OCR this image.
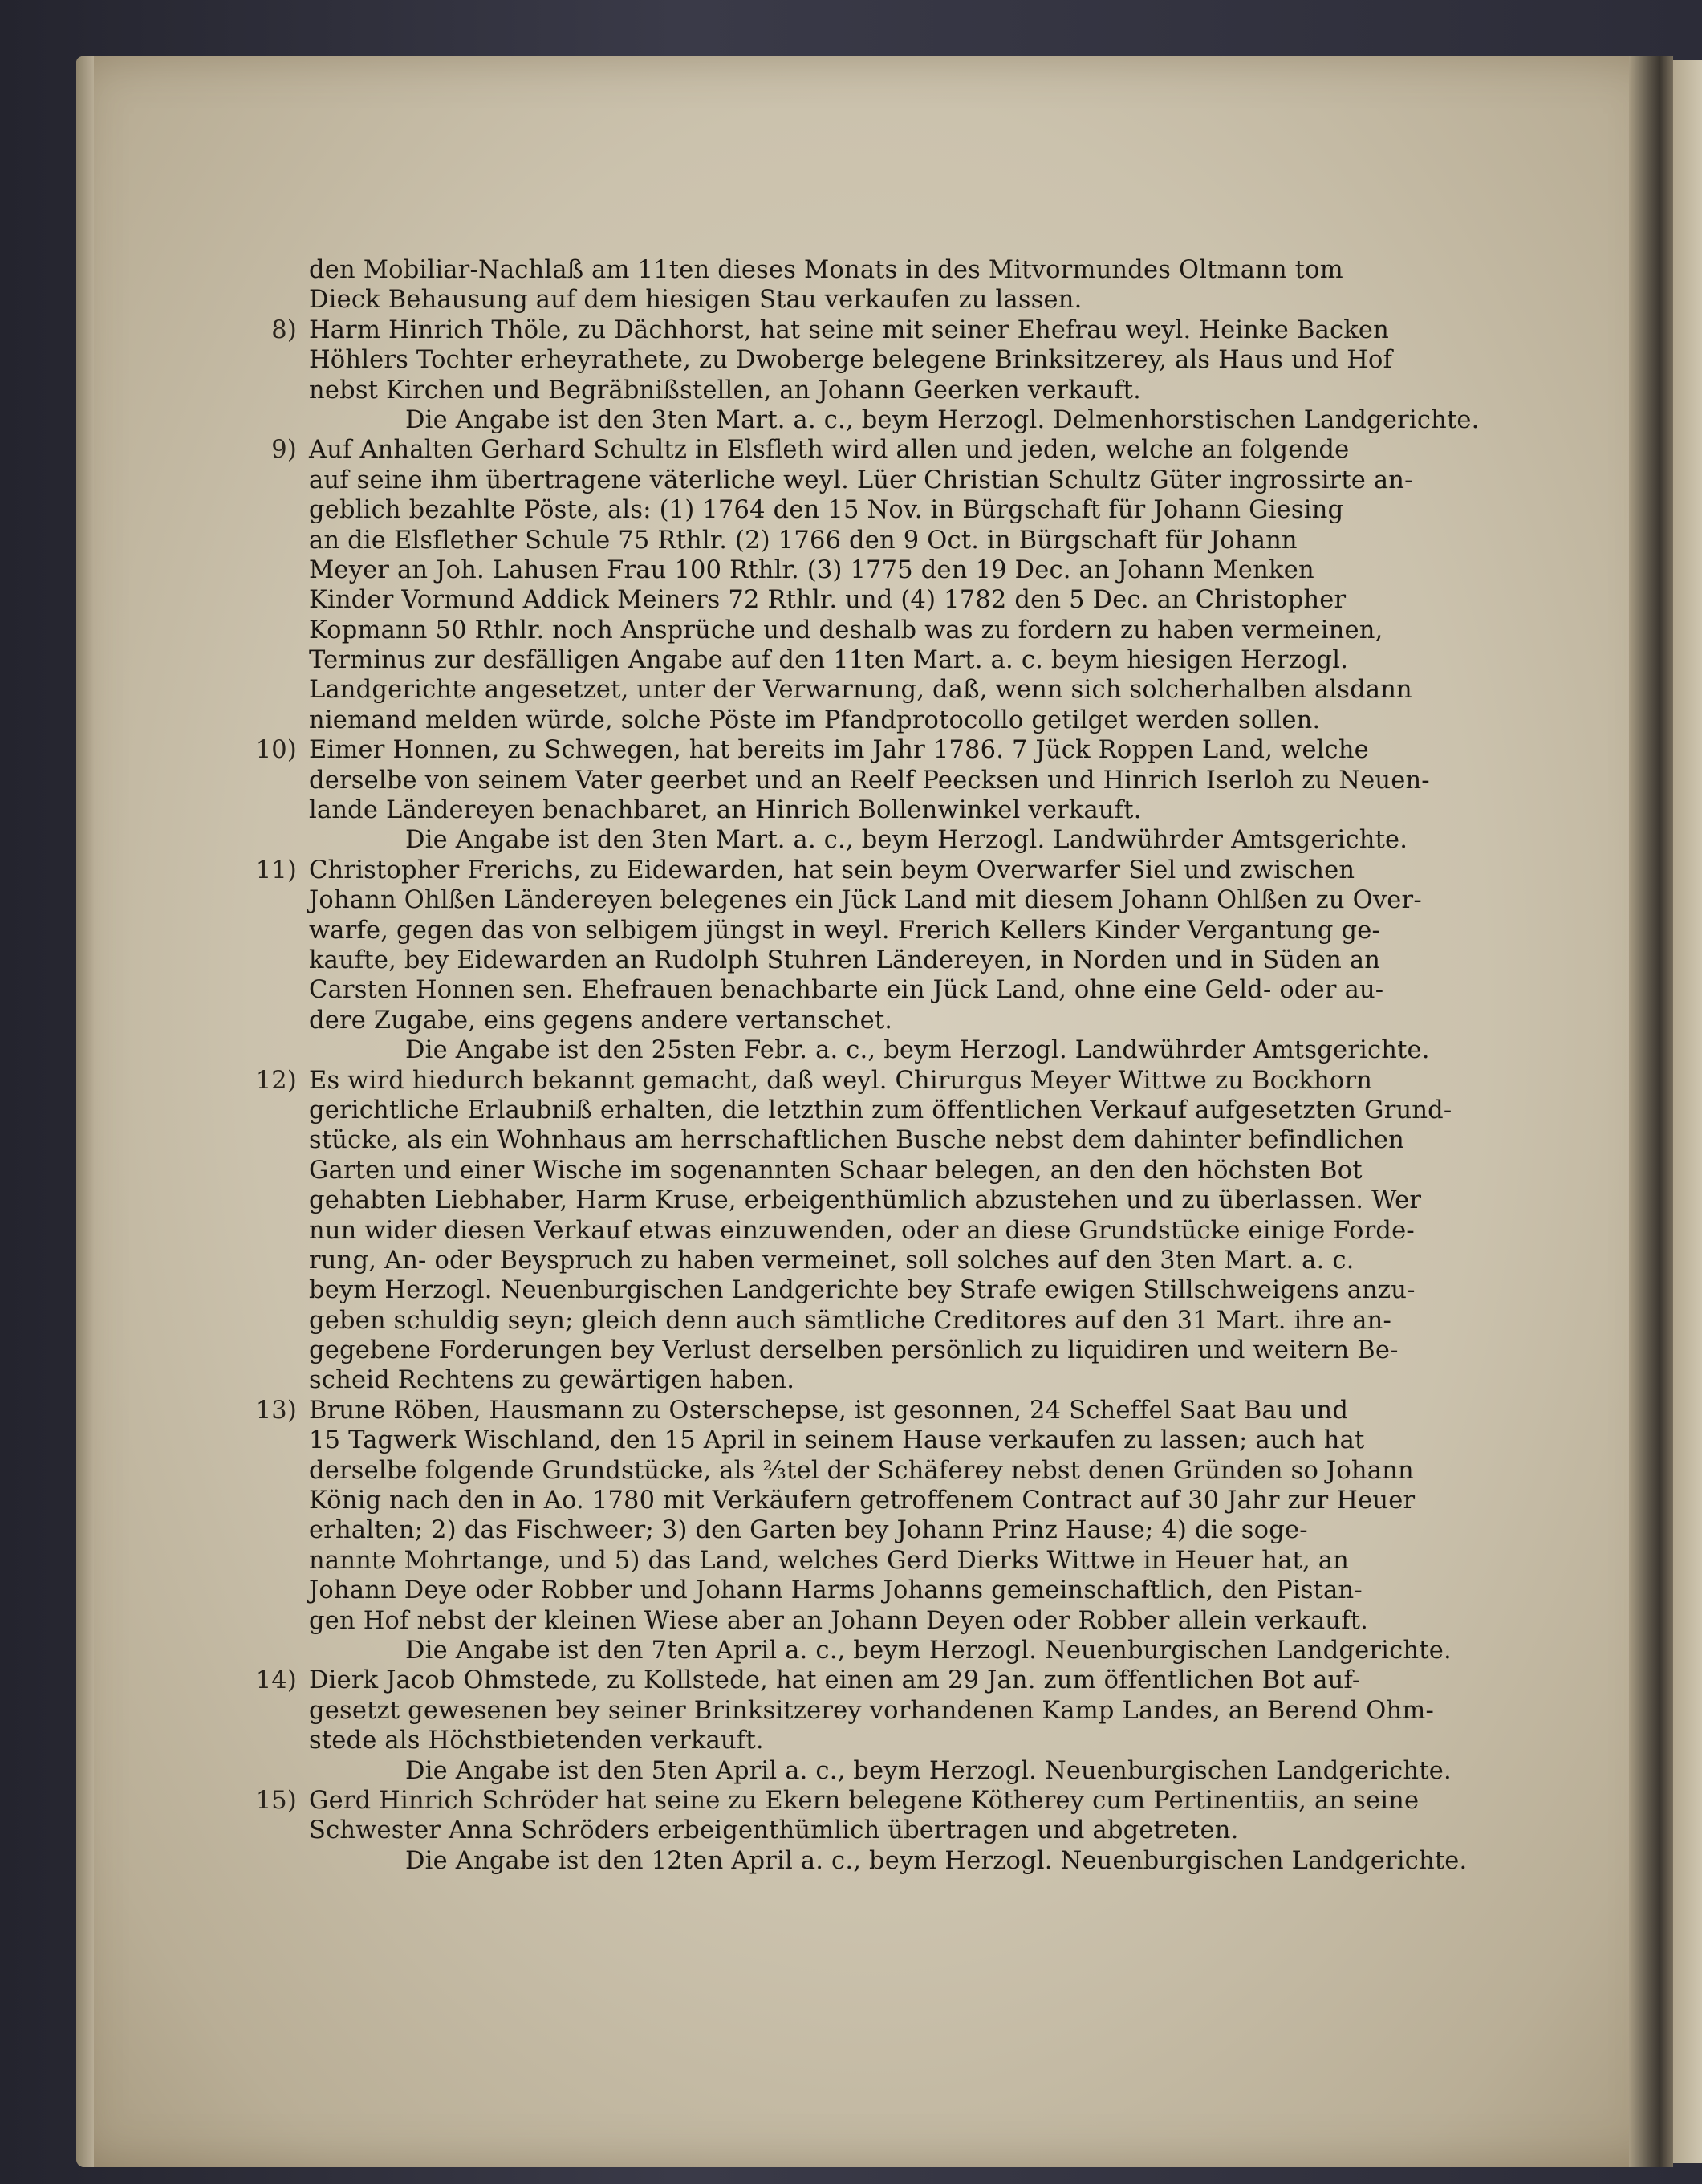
den Mobiliar-Nachlaß am 11ten dieses Monats in des Mitvormundes Oltmann tom
Dieck Behausung auf dem hiesigen Stau verkaufen zu lassen.
8) Harm Hinrich Thöle, zu Dächhorst, hat seine mit seiner Ehefrau weyl. Heinke Backen
Höhlers Tochter erheyrathete, zu Dwoberge belegene Brinksitzerey, als Haus und Hof
nebst Kirchen und Begräbnißstellen, an Johann Geerken verkauft.
Die Angabe ist den 3ten Mart. a. c., beym Herzogl. Delmenhorstischen Landgerichte.
9) Auf Anhalten Gerhard Schultz in Elsfleth wird allen und jeden, welche an folgende
auf seine ihm übertragene väterliche weyl. Lüer Christian Schultz Güter ingrossirte an-
geblich bezahlte Pöste, als: (1) 1764 den 15 Nov. in Bürgschaft für Johann Giesing
an die Elsflether Schule 75 Rthlr. (2) 1766 den 9 Oct. in Bürgschaft für Johann
Meyer an Joh. Lahusen Frau 100 Rthlr. (3) 1775 den 19 Dec. an Johann Menken
Kinder Vormund Addick Meiners 72 Rthlr. und (4) 1782 den 5 Dec. an Christopher
Kopmann 50 Rthlr. noch Ansprüche und deshalb was zu fordern zu haben vermeinen,
Terminus zur desfälligen Angabe auf den 11ten Mart. a. c. beym hiesigen Herzogl.
Landgerichte angesetzet, unter der Verwarnung, daß, wenn sich solcherhalben alsdann
niemand melden würde, solche Pöste im Pfandprotocollo getilget werden sollen.
10) Eimer Honnen, zu Schwegen, hat bereits im Jahr 1786. 7 Jück Roppen Land, welche
derselbe von seinem Vater geerbet und an Reelf Peecksen und Hinrich Iserloh zu Neuen-
lande Ländereyen benachbaret, an Hinrich Bollenwinkel verkauft.
Die Angabe ist den 3ten Mart. a. c., beym Herzogl. Landwührder Amtsgerichte.
11) Christopher Frerichs, zu Eidewarden, hat sein beym Overwarfer Siel und zwischen
Johann Ohlßen Ländereyen belegenes ein Jück Land mit diesem Johann Ohlßen zu Over-
warfe, gegen das von selbigem jüngst in weyl. Frerich Kellers Kinder Vergantung ge-
kaufte, bey Eidewarden an Rudolph Stuhren Ländereyen, in Norden und in Süden an
Carsten Honnen sen. Ehefrauen benachbarte ein Jück Land, ohne eine Geld- oder au-
dere Zugabe, eins gegens andere vertanschet.
Die Angabe ist den 25sten Febr. a. c., beym Herzogl. Landwührder Amtsgerichte.
12) Es wird hiedurch bekannt gemacht, daß weyl. Chirurgus Meyer Wittwe zu Bockhorn
gerichtliche Erlaubniß erhalten, die letzthin zum öffentlichen Verkauf aufgesetzten Grund-
stücke, als ein Wohnhaus am herrschaftlichen Busche nebst dem dahinter befindlichen
Garten und einer Wische im sogenannten Schaar belegen, an den den höchsten Bot
gehabten Liebhaber, Harm Kruse, erbeigenthümlich abzustehen und zu überlassen. Wer
nun wider diesen Verkauf etwas einzuwenden, oder an diese Grundstücke einige Forde-
rung, An- oder Beyspruch zu haben vermeinet, soll solches auf den 3ten Mart. a. c.
beym Herzogl. Neuenburgischen Landgerichte bey Strafe ewigen Stillschweigens anzu-
geben schuldig seyn; gleich denn auch sämtliche Creditores auf den 31 Mart. ihre an-
gegebene Forderungen bey Verlust derselben persönlich zu liquidiren und weitern Be-
scheid Rechtens zu gewärtigen haben.
13) Brune Röben, Hausmann zu Osterschepse, ist gesonnen, 24 Scheffel Saat Bau und
15 Tagwerk Wischland, den 15 April in seinem Hause verkaufen zu lassen; auch hat
derselbe folgende Grundstücke, als ⅔tel der Schäferey nebst denen Gründen so Johann
König nach den in Ao. 1780 mit Verkäufern getroffenem Contract auf 30 Jahr zur Heuer
erhalten; 2) das Fischweer; 3) den Garten bey Johann Prinz Hause; 4) die soge-
nannte Mohrtange, und 5) das Land, welches Gerd Dierks Wittwe in Heuer hat, an
Johann Deye oder Robber und Johann Harms Johanns gemeinschaftlich, den Pistan-
gen Hof nebst der kleinen Wiese aber an Johann Deyen oder Robber allein verkauft.
Die Angabe ist den 7ten April a. c., beym Herzogl. Neuenburgischen Landgerichte.
14) Dierk Jacob Ohmstede, zu Kollstede, hat einen am 29 Jan. zum öffentlichen Bot auf-
gesetzt gewesenen bey seiner Brinksitzerey vorhandenen Kamp Landes, an Berend Ohm-
stede als Höchstbietenden verkauft.
Die Angabe ist den 5ten April a. c., beym Herzogl. Neuenburgischen Landgerichte.
15) Gerd Hinrich Schröder hat seine zu Ekern belegene Kötherey cum Pertinentiis, an seine
Schwester Anna Schröders erbeigenthümlich übertragen und abgetreten.
Die Angabe ist den 12ten April a. c., beym Herzogl. Neuenburgischen Landgerichte.
